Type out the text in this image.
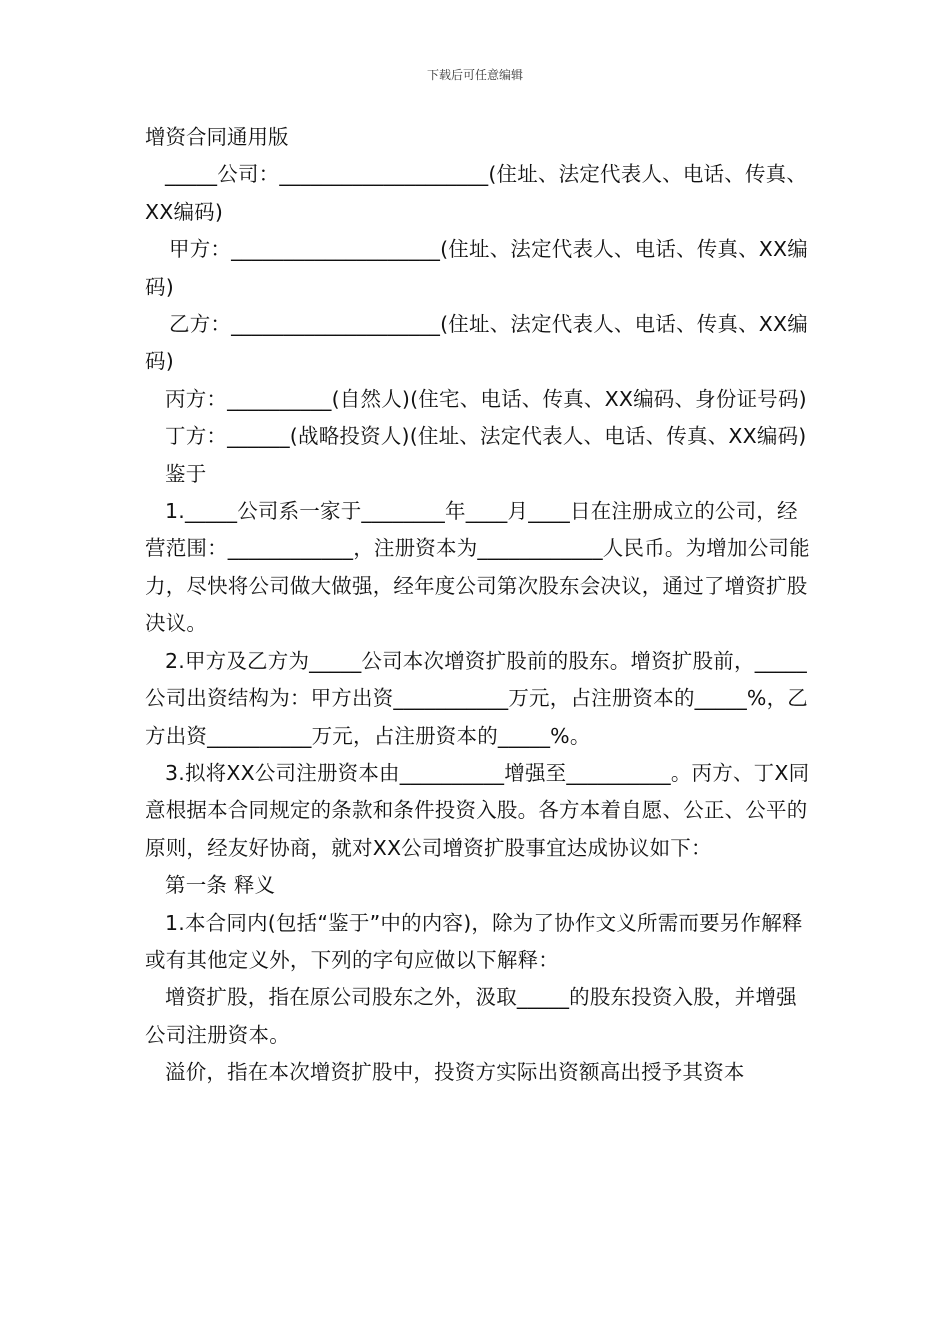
下载后可任意编辑
增资合同通用版

_____公司：____________________(住址、法定代表人、电话、传真、XX编码)

甲方：____________________(住址、法定代表人、电话、传真、XX编码)

乙方：____________________(住址、法定代表人、电话、传真、XX编码)

丙方：__________(自然人)(住宅、电话、传真、XX编码、身份证号码)

丁方：______(战略投资人)(住址、法定代表人、电话、传真、XX编码)

鉴于

1._____公司系一家于________年____月____日在注册成立的公司，经营范围：____________，注册资本为____________人民币。为增加公司能力，尽快将公司做大做强，经年度公司第次股东会决议，通过了增资扩股决议。

2.甲方及乙方为_____公司本次增资扩股前的股东。增资扩股前，_____公司出资结构为：甲方出资___________万元，占注册资本的_____%，乙方出资__________万元，占注册资本的_____%。

3.拟将XX公司注册资本由__________增强至__________。丙方、丁X同意根据本合同规定的条款和条件投资入股。各方本着自愿、公正、公平的原则，经友好协商，就对XX公司增资扩股事宜达成协议如下：

第一条 释义

1.本合同内(包括“鉴于”中的内容)，除为了协作文义所需而要另作解释或有其他定义外，下列的字句应做以下解释：

增资扩股，指在原公司股东之外，汲取_____的股东投资入股，并增强公司注册资本。

溢价，指在本次增资扩股中，投资方实际出资额高出授予其资本
